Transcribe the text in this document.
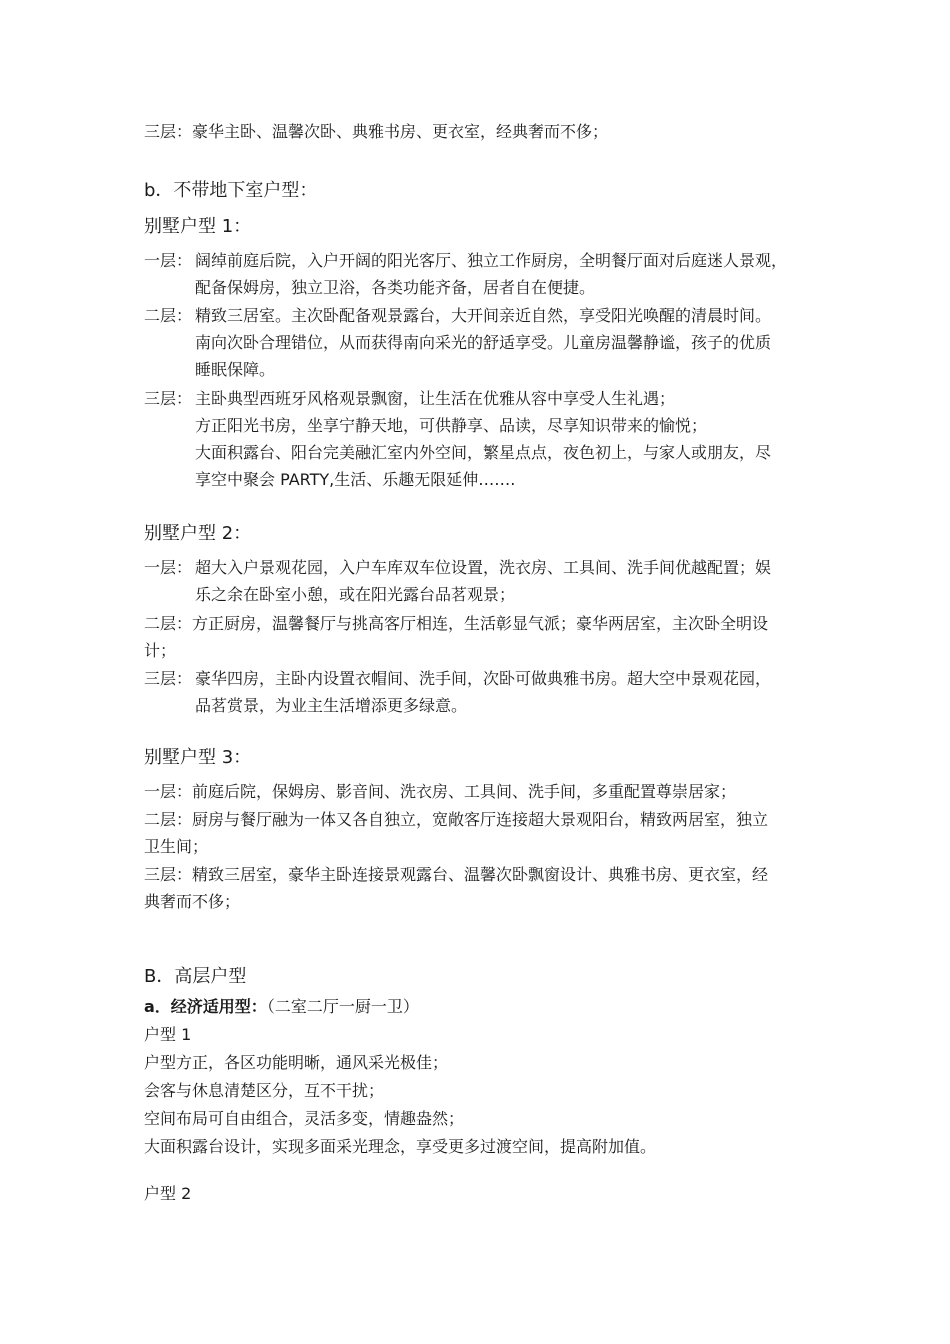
三层：豪华主卧、温馨次卧、典雅书房、更衣室，经典奢而不侈；
b．不带地下室户型：
别墅户型 1：
一层： 阔绰前庭后院，入户开阔的阳光客厅、独立工作厨房，全明餐厅面对后庭迷人景观，
配备保姆房，独立卫浴，各类功能齐备，居者自在便捷。
二层： 精致三居室。主次卧配备观景露台，大开间亲近自然，享受阳光唤醒的清晨时间。
南向次卧合理错位，从而获得南向采光的舒适享受。儿童房温馨静谧，孩子的优质
睡眠保障。
三层： 主卧典型西班牙风格观景飘窗，让生活在优雅从容中享受人生礼遇；
方正阳光书房，坐享宁静天地，可供静享、品读，尽享知识带来的愉悦；
大面积露台、阳台完美融汇室内外空间，繁星点点，夜色初上，与家人或朋友，尽
享空中聚会 PARTY,生活、乐趣无限延伸…….
别墅户型 2：
一层： 超大入户景观花园，入户车库双车位设置，洗衣房、工具间、洗手间优越配置；娱
乐之余在卧室小憩，或在阳光露台品茗观景；
二层：方正厨房，温馨餐厅与挑高客厅相连，生活彰显气派；豪华两居室，主次卧全明设
计；
三层： 豪华四房，主卧内设置衣帽间、洗手间，次卧可做典雅书房。超大空中景观花园，
品茗赏景，为业主生活增添更多绿意。
别墅户型 3：
一层：前庭后院，保姆房、影音间、洗衣房、工具间、洗手间，多重配置尊崇居家；
二层：厨房与餐厅融为一体又各自独立，宽敞客厅连接超大景观阳台，精致两居室，独立
卫生间；
三层：精致三居室，豪华主卧连接景观露台、温馨次卧飘窗设计、典雅书房、更衣室，经
典奢而不侈；
B．高层户型
a．经济适用型：（二室二厅一厨一卫）
户型 1
户型方正，各区功能明晰，通风采光极佳；
会客与休息清楚区分，互不干扰；
空间布局可自由组合，灵活多变，情趣盎然；
大面积露台设计，实现多面采光理念，享受更多过渡空间，提高附加值。
户型 2
